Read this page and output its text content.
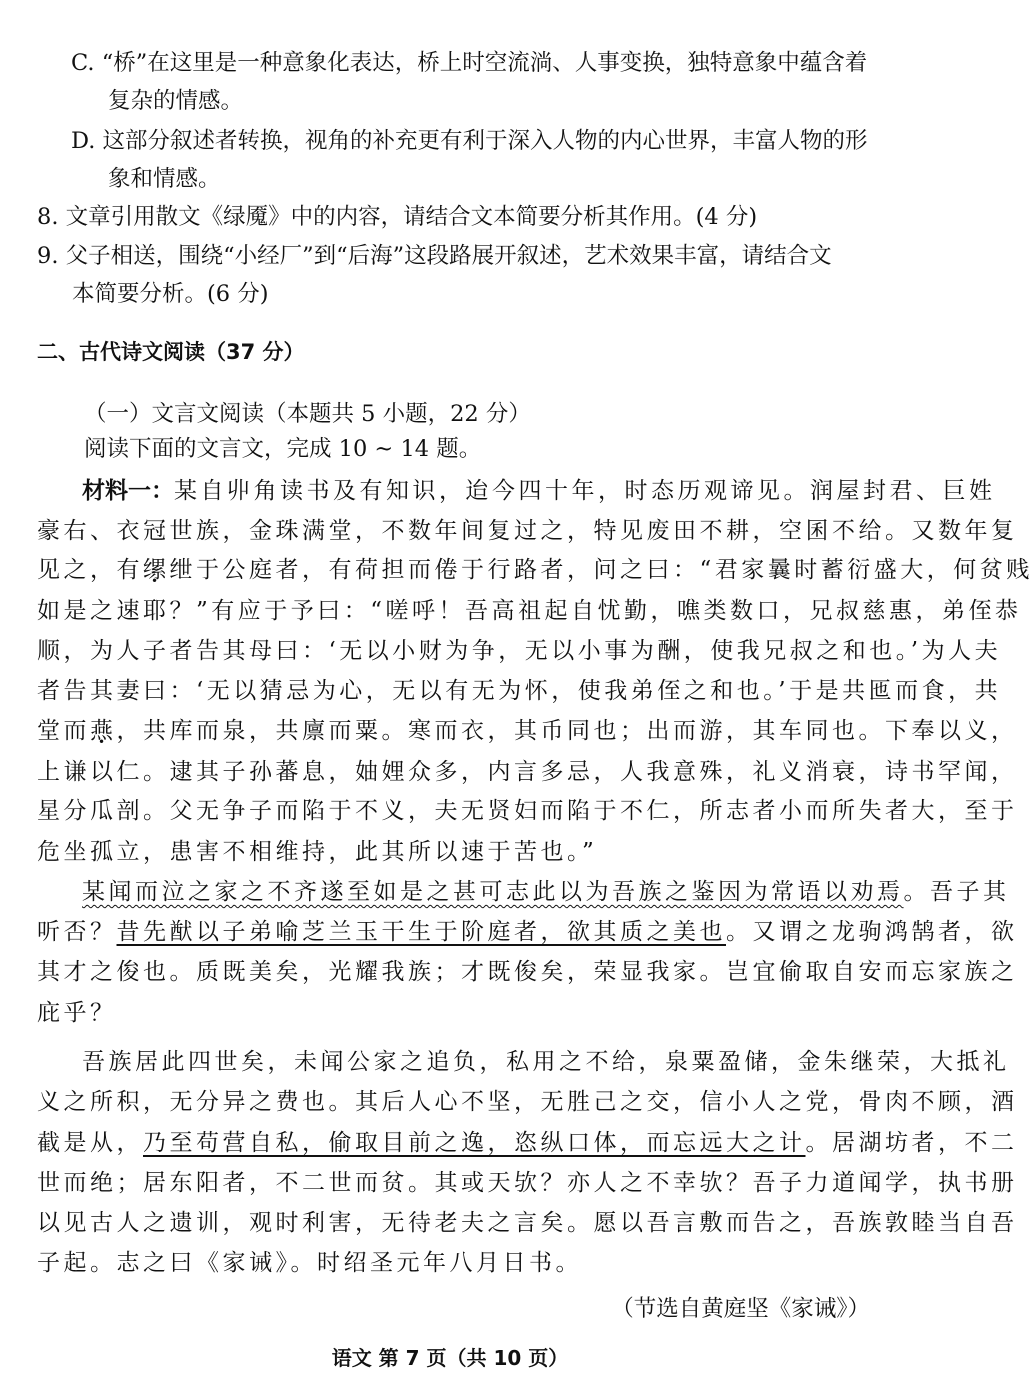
C. “桥”在这里是一种意象化表达，桥上时空流淌、人事变换，独特意象中蕴含着

复杂的情感。

D. 这部分叙述者转换，视角的补充更有利于深入人物的内心世界，丰富人物的形

象和情感。

8. 文章引用散文《绿魇》中的内容，请结合文本简要分析其作用。(4 分)

9. 父子相送，围绕“小经厂”到“后海”这段路展开叙述，艺术效果丰富，请结合文

本简要分析。(6 分)

二、古代诗文阅读（37 分）

（一）文言文阅读（本题共 5 小题，22 分）

阅读下面的文言文，完成 10 ~ 14 题。

材料一：某自丱角读书及有知识，迨今四十年，时态历观谛见。润屋封君、巨姓

豪右、衣冠世族，金珠满堂，不数年间复过之，特见废田不耕，空囷不给。又数年复

见之，有缧绁于公庭者，有荷担而倦于行路者，问之曰：“君家曩时蓄衍盛大，何贫贱

如是之速耶？”有应于予曰：“嗟呼！吾高祖起自忧勤，噍类数口，兄叔慈惠，弟侄恭

顺，为人子者告其母曰：‘无以小财为争，无以小事为酬，使我兄叔之和也。’为人夫

者告其妻曰：‘无以猜忌为心，无以有无为怀，使我弟侄之和也。’于是共匜而食，共

堂而燕，共库而泉，共廪而粟。寒而衣，其币同也；出而游，其车同也。下奉以义，

上谦以仁。逮其子孙蕃息，妯娌众多，内言多忌，人我意殊，礼义消衰，诗书罕闻，

星分瓜剖。父无争子而陷于不义，夫无贤妇而陷于不仁，所志者小而所失者大，至于

危坐孤立，患害不相维持，此其所以速于苦也。”

某闻而泣之家之不齐遂至如是之甚可志此以为吾族之鉴因为常语以劝焉。吾子其

听否？昔先猷以子弟喻芝兰玉干生于阶庭者，欲其质之美也。又谓之龙驹鸿鹄者，欲

其才之俊也。质既美矣，光耀我族；才既俊矣，荣显我家。岂宜偷取自安而忘家族之

庇乎？

吾族居此四世矣，未闻公家之追负，私用之不给，泉粟盈储，金朱继荣，大抵礼

义之所积，无分异之费也。其后人心不坚，无胜己之交，信小人之党，骨肉不顾，酒

截是从，乃至苟营自私，偷取目前之逸，恣纵口体，而忘远大之计。居湖坊者，不二

世而绝；居东阳者，不二世而贫。其或天欤？亦人之不幸欤？吾子力道闻学，执书册

以见古人之遗训，观时利害，无待老夫之言矣。愿以吾言敷而告之，吾族敦睦当自吾

子起。志之曰《家诫》。时绍圣元年八月日书。

（节选自黄庭坚《家诫》）

语文 第 7 页（共 10 页）
